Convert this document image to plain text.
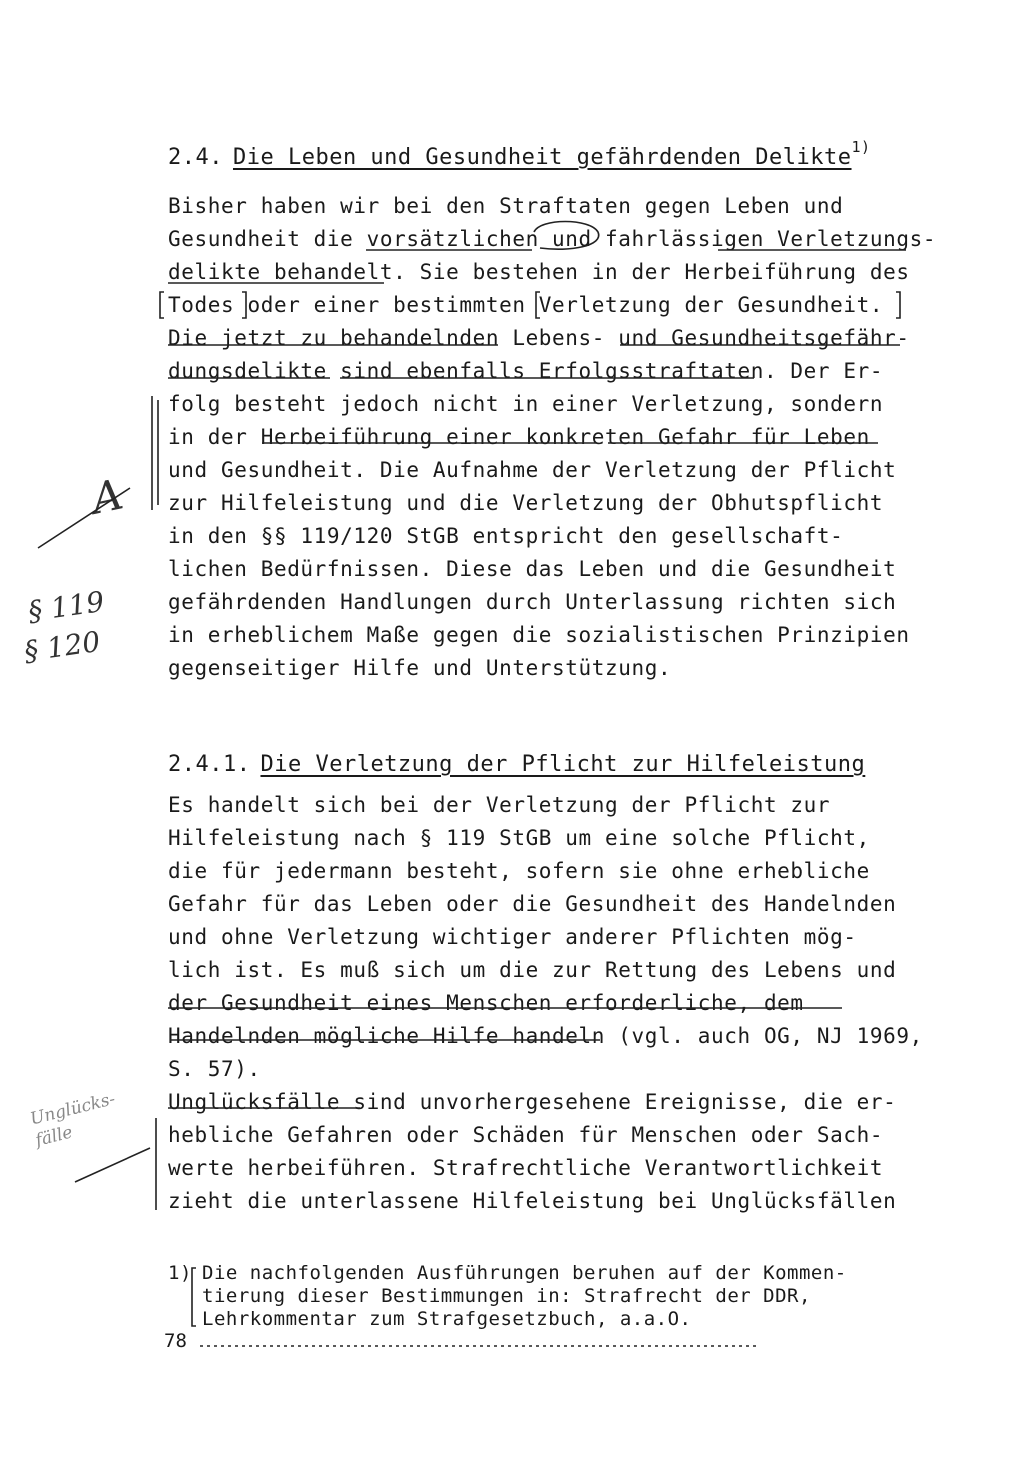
2.4. Die Leben und Gesundheit gefährdenden Delikte$^{1)}$
Bisher haben wir bei den Straftaten gegen Leben und
Gesundheit die vorsätzlichen und fahrlässigen Verletzungs-
delikte behandelt. Sie bestehen in der Herbeiführung des
Todes oder einer bestimmten Verletzung der Gesundheit.
Die jetzt zu behandelnden Lebens- und Gesundheitsgefähr-
dungsdelikte sind ebenfalls Erfolgsstraftaten. Der Er-
folg besteht jedoch nicht in einer Verletzung, sondern
in der Herbeiführung einer konkreten Gefahr für Leben
und Gesundheit. Die Aufnahme der Verletzung der Pflicht
zur Hilfeleistung und die Verletzung der Obhutspflicht
in den §§ 119/120 StGB entspricht den gesellschaft-
lichen Bedürfnissen. Diese das Leben und die Gesundheit
gefährdenden Handlungen durch Unterlassung richten sich
in erheblichem Maße gegen die sozialistischen Prinzipien
gegenseitiger Hilfe und Unterstützung.
2.4.1. Die Verletzung der Pflicht zur Hilfeleistung
Es handelt sich bei der Verletzung der Pflicht zur
Hilfeleistung nach § 119 StGB um eine solche Pflicht,
die für jedermann besteht, sofern sie ohne erhebliche
Gefahr für das Leben oder die Gesundheit des Handelnden
und ohne Verletzung wichtiger anderer Pflichten mög-
lich ist. Es muß sich um die zur Rettung des Lebens und
der Gesundheit eines Menschen erforderliche, dem
Handelnden mögliche Hilfe handeln (vgl. auch OG, NJ 1969,
S. 57).
Unglücksfälle sind unvorhergesehene Ereignisse, die er-
hebliche Gefahren oder Schäden für Menschen oder Sach-
werte herbeiführen. Strafrechtliche Verantwortlichkeit
zieht die unterlassene Hilfeleistung bei Unglücksfällen
1) Die nachfolgenden Ausführungen beruhen auf der Kommen-
tierung dieser Bestimmungen in: Strafrecht der DDR,
Lehrkommentar zum Strafgesetzbuch, a.a.O.
78
A
§ 119
§ 120
Unglücks-
fälle
